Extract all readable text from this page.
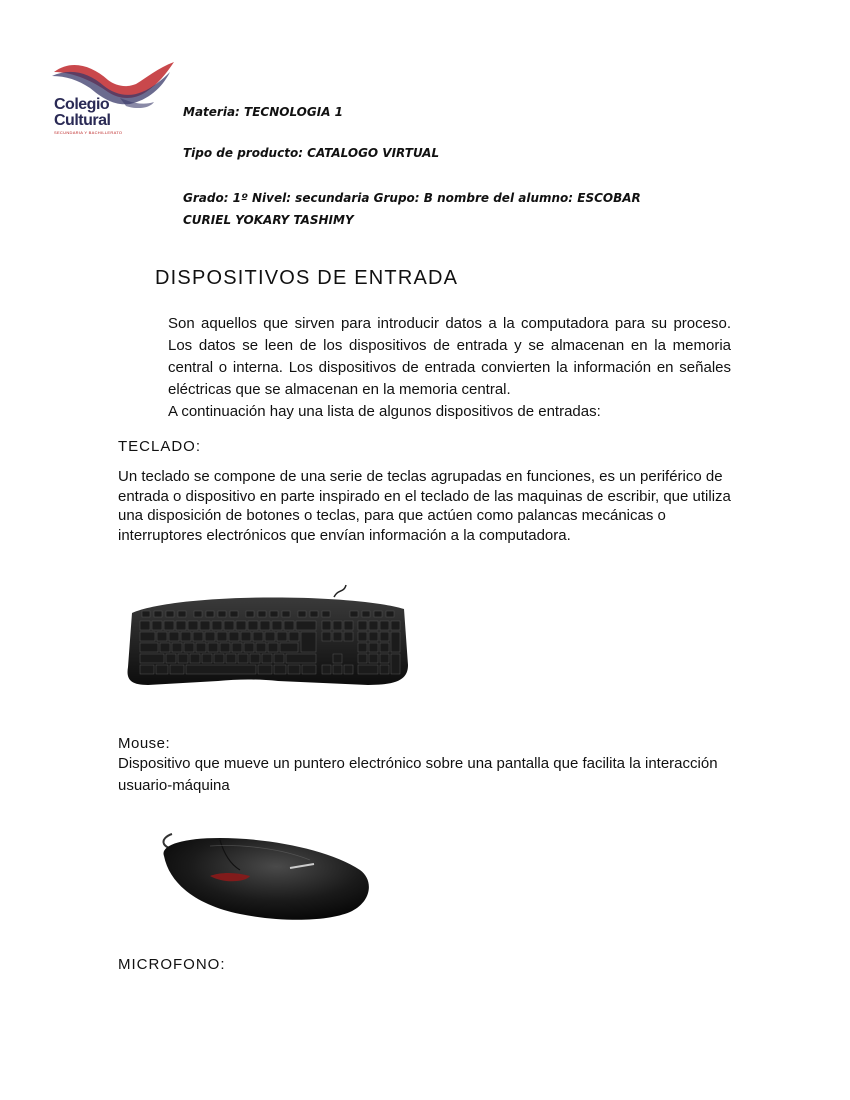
Colegio
Cultural
SECUNDARIA Y BACHILLERATO
Materia: TECNOLOGIA 1
Tipo de producto: CATALOGO VIRTUAL
Grado: 1º Nivel: secundaria Grupo: B nombre del alumno: ESCOBAR CURIEL YOKARY TASHIMY
DISPOSITIVOS DE ENTRADA

Son aquellos que sirven para introducir datos a la computadora para su proceso. Los datos se leen de los dispositivos de entrada y se almacenan en la memoria central o interna. Los dispositivos de entrada convierten la información en señales eléctricas que se almacenan en la memoria central.

A continuación hay una lista de algunos dispositivos de entradas:

TECLADO:
Un teclado se compone de una serie de teclas agrupadas en funciones, es un periférico de entrada o dispositivo en parte inspirado en el teclado de las maquinas de escribir, que utiliza una disposición de botones o teclas, para que actúen como palancas mecánicas o interruptores electrónicos que envían información a la computadora.
Mouse:
Dispositivo que mueve un puntero electrónico sobre una pantalla que facilita la interacción usuario-máquina
MICROFONO:
